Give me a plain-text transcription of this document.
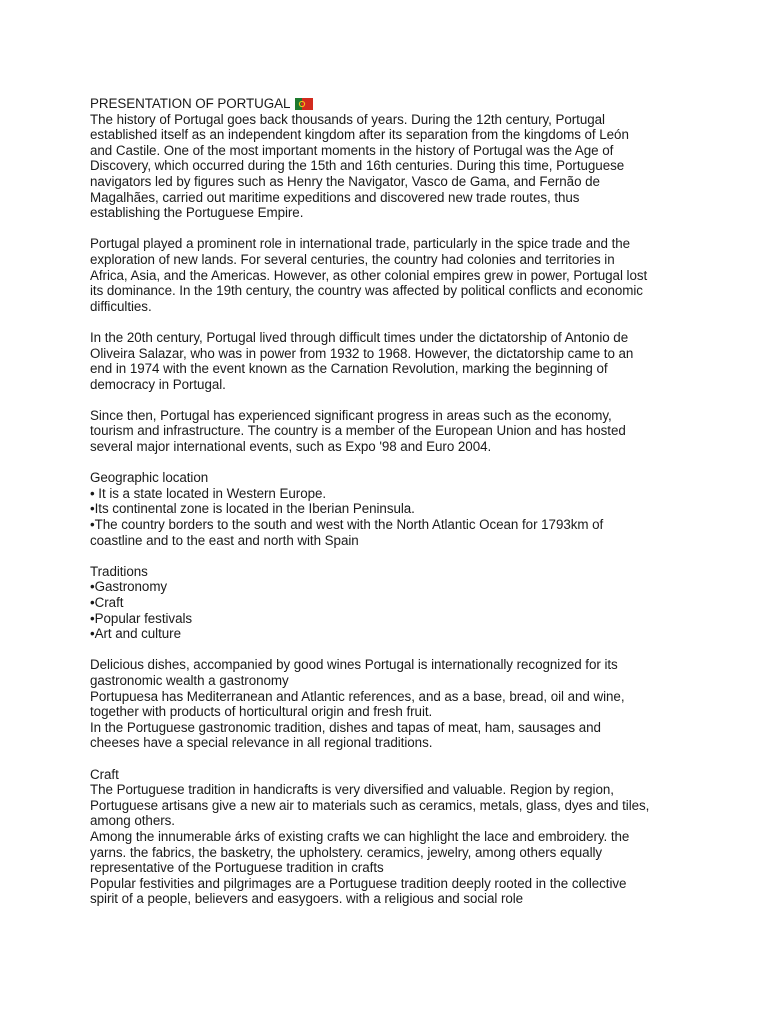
PRESENTATION OF PORTUGAL
The history of Portugal goes back thousands of years. During the 12th century, Portugal
established itself as an independent kingdom after its separation from the kingdoms of León
and Castile. One of the most important moments in the history of Portugal was the Age of
Discovery, which occurred during the 15th and 16th centuries. During this time, Portuguese
navigators led by figures such as Henry the Navigator, Vasco de Gama, and Fernão de
Magalhães, carried out maritime expeditions and discovered new trade routes, thus
establishing the Portuguese Empire.
Portugal played a prominent role in international trade, particularly in the spice trade and the
exploration of new lands. For several centuries, the country had colonies and territories in
Africa, Asia, and the Americas. However, as other colonial empires grew in power, Portugal lost
its dominance. In the 19th century, the country was affected by political conflicts and economic
difficulties.
In the 20th century, Portugal lived through difficult times under the dictatorship of Antonio de
Oliveira Salazar, who was in power from 1932 to 1968. However, the dictatorship came to an
end in 1974 with the event known as the Carnation Revolution, marking the beginning of
democracy in Portugal.
Since then, Portugal has experienced significant progress in areas such as the economy,
tourism and infrastructure. The country is a member of the European Union and has hosted
several major international events, such as Expo '98 and Euro 2004.
Geographic location
• It is a state located in Western Europe.
•Its continental zone is located in the Iberian Peninsula.
•The country borders to the south and west with the North Atlantic Ocean for 1793km of
coastline and to the east and north with Spain
Traditions
•Gastronomy
•Craft
•Popular festivals
•Art and culture
Delicious dishes, accompanied by good wines Portugal is internationally recognized for its
gastronomic wealth a gastronomy
Portupuesa has Mediterranean and Atlantic references, and as a base, bread, oil and wine,
together with products of horticultural origin and fresh fruit.
In the Portuguese gastronomic tradition, dishes and tapas of meat, ham, sausages and
cheeses have a special relevance in all regional traditions.
Craft
The Portuguese tradition in handicrafts is very diversified and valuable. Region by region,
Portuguese artisans give a new air to materials such as ceramics, metals, glass, dyes and tiles,
among others.
Among the innumerable árks of existing crafts we can highlight the lace and embroidery. the
yarns. the fabrics, the basketry, the upholstery. ceramics, jewelry, among others equally
representative of the Portuguese tradition in crafts
Popular festivities and pilgrimages are a Portuguese tradition deeply rooted in the collective
spirit of a people, believers and easygoers. with a religious and social role
